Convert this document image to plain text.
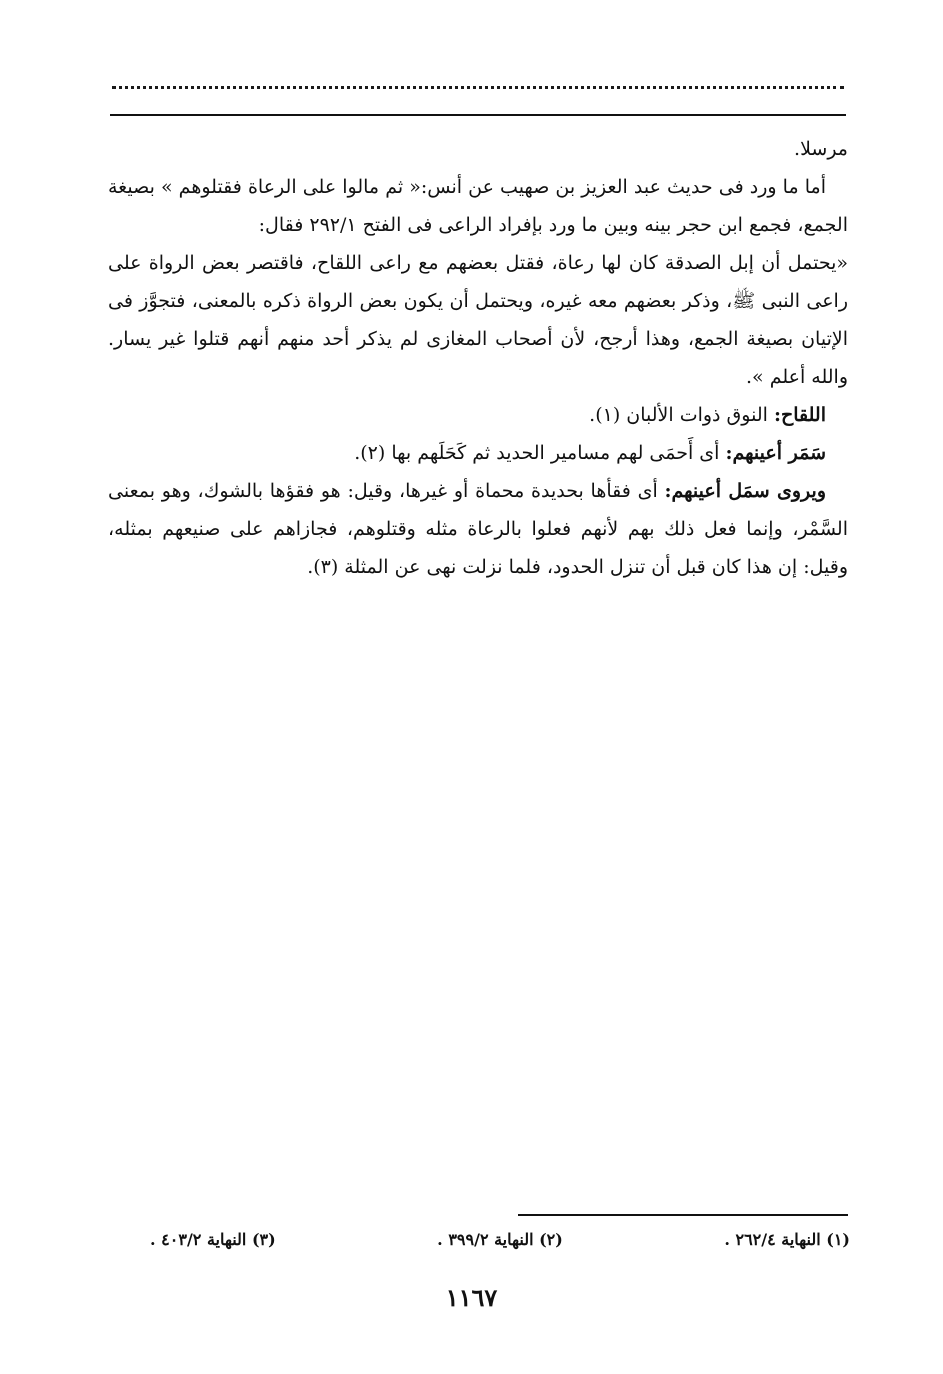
مرسلا.

أما ما ورد فى حديث عبد العزيز بن صهيب عن أنس:« ثم مالوا على الرعاة فقتلوهم » بصيغة الجمع، فجمع ابن حجر بينه وبين ما ورد بإفراد الراعى فى الفتح ٢٩٢/١ فقال:

«يحتمل أن إبل الصدقة كان لها رعاة، فقتل بعضهم مع راعى اللقاح، فاقتصر بعض الرواة على راعى النبى ﷺ، وذكر بعضهم معه غيره، ويحتمل أن يكون بعض الرواة ذكره بالمعنى، فتجوَّز فى الإتيان بصيغة الجمع، وهذا أرجح، لأن أصحاب المغازى لم يذكر أحد منهم أنهم قتلوا غير يسار. والله أعلم ».

اللقاح: النوق ذوات الألبان (١).

سَمَر أعينهم: أى أَحمَى لهم مسامير الحديد ثم كَحَلَهم بها (٢).

ويروى سمَل أعينهم: أى فقأها بحديدة محماة أو غيرها، وقيل: هو فقؤها بالشوك، وهو بمعنى السَّمْر، وإنما فعل ذلك بهم لأنهم فعلوا بالرعاة مثله وقتلوهم، فجازاهم على صنيعهم بمثله، وقيل: إن هذا كان قبل أن تنزل الحدود، فلما نزلت نهى عن المثلة (٣).

(١) النهاية ٢٦٢/٤ .
(٢) النهاية ٣٩٩/٢ .
(٣) النهاية ٤٠٣/٢ .
١١٦٧
